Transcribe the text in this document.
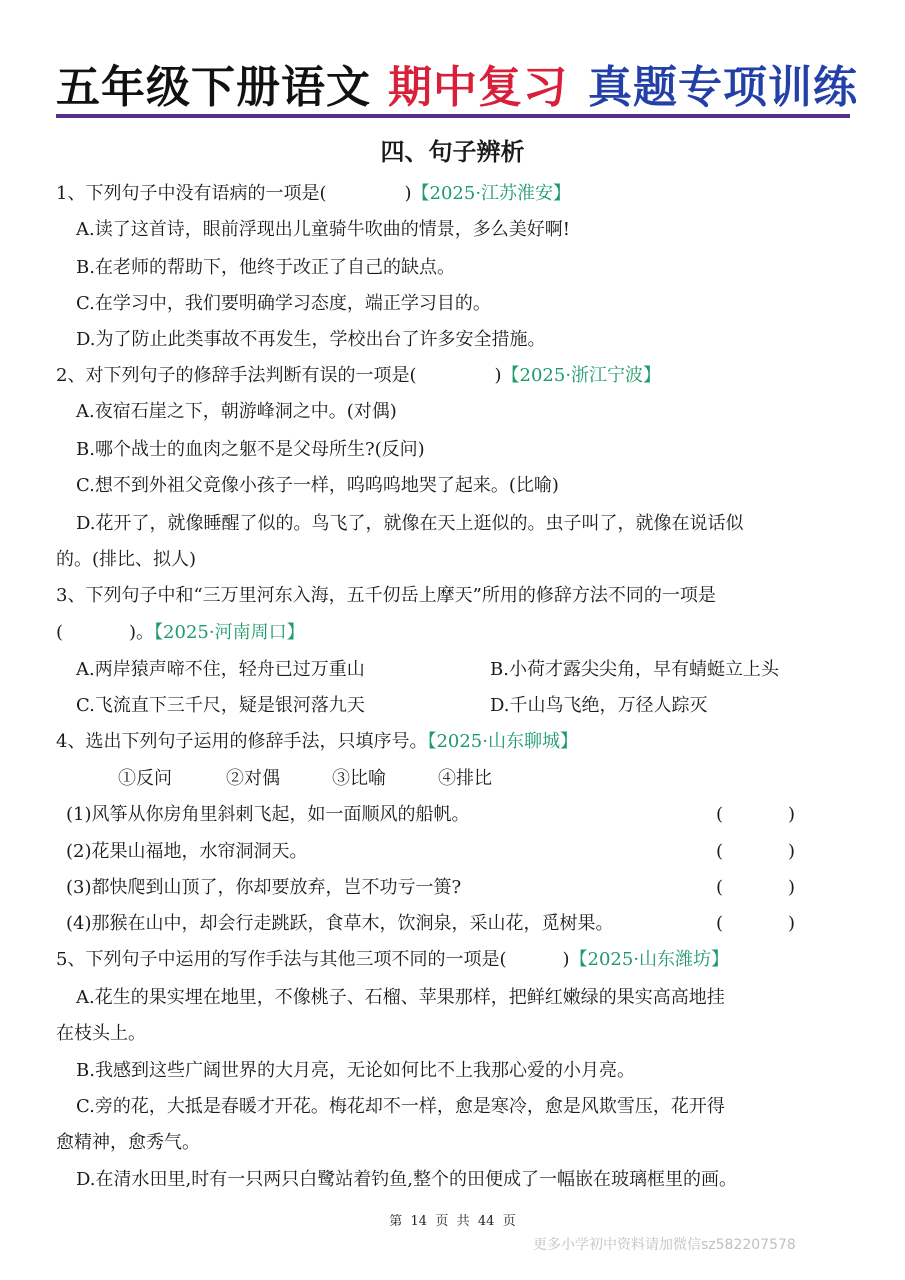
五年级下册语文 期中复习 真题专项训练
四、句子辨析
1、下列句子中没有语病的一项是(	)【2025·江苏淮安】
A.读了这首诗，眼前浮现出儿童骑牛吹曲的情景，多么美好啊!
B.在老师的帮助下，他终于改正了自己的缺点。
C.在学习中，我们要明确学习态度，端正学习目的。
D.为了防止此类事故不再发生，学校出台了许多安全措施。
2、对下列句子的修辞手法判断有误的一项是(	)【2025·浙江宁波】
A.夜宿石崖之下，朝游峰洞之中。(对偶)
B.哪个战士的血肉之躯不是父母所生?(反问)
C.想不到外祖父竟像小孩子一样，呜呜呜地哭了起来。(比喻)
D.花开了，就像睡醒了似的。鸟飞了，就像在天上逛似的。虫子叫了，就像在说话似
的。(排比、拟人)
3、下列句子中和“三万里河东入海，五千仞岳上摩天”所用的修辞方法不同的一项是
(	)。【2025·河南周口】
A.两岸猿声啼不住，轻舟已过万重山	B.小荷才露尖尖角，早有蜻蜓立上头
C.飞流直下三千尺，疑是银河落九天	D.千山鸟飞绝，万径人踪灭
4、选出下列句子运用的修辞手法，只填序号。【2025·山东聊城】
①反问	②对偶	③比喻	④排比
(1)风筝从你房角里斜刺飞起，如一面顺风的船帆。	(	)
(2)花果山福地，水帘洞洞天。	(	)
(3)都快爬到山顶了，你却要放弃，岂不功亏一篑?	(	)
(4)那猴在山中，却会行走跳跃，食草木，饮涧泉，采山花，觅树果。	(	)
5、下列句子中运用的写作手法与其他三项不同的一项是(	)【2025·山东潍坊】
A.花生的果实埋在地里，不像桃子、石榴、苹果那样，把鲜红嫩绿的果实高高地挂
在枝头上。
B.我感到这些广阔世界的大月亮，无论如何比不上我那心爱的小月亮。
C.旁的花，大抵是春暖才开花。梅花却不一样，愈是寒冷，愈是风欺雪压，花开得
愈精神，愈秀气。
D.在清水田里,时有一只两只白鹭站着钓鱼,整个的田便成了一幅嵌在玻璃框里的画。
第 14 页 共 44 页
更多小学初中资料请加微信sz582207578
